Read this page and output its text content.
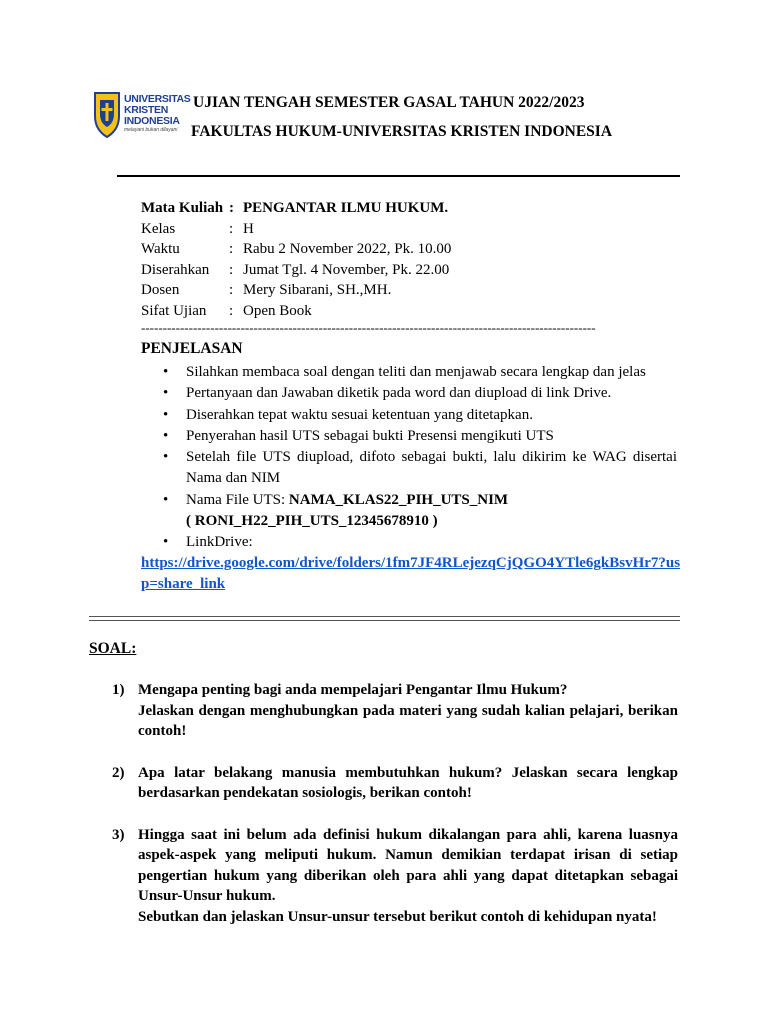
UNIVERSITAS
KRISTEN
INDONESIA
melayani bukan dilayani
UJIAN TENGAH SEMESTER GASAL TAHUN 2022/2023
FAKULTAS HUKUM-UNIVERSITAS KRISTEN INDONESIA
Mata Kuliah : PENGANTAR ILMU HUKUM.
Kelas	: H
Waktu	: Rabu 2 November 2022, Pk. 10.00
Diserahkan : Jumat Tgl. 4 November, Pk. 22.00
Dosen	: Mery Sibarani, SH.,MH.
Sifat Ujian : Open Book
---------------------------------------------------------------------------------------------------------
PENJELASAN
• Silahkan membaca soal dengan teliti dan menjawab secara lengkap dan jelas
• Pertanyaan dan Jawaban diketik pada word dan diupload di link Drive.
• Diserahkan tepat waktu sesuai ketentuan yang ditetapkan.
• Penyerahan hasil UTS sebagai bukti Presensi mengikuti UTS
• Setelah file UTS diupload, difoto sebagai bukti, lalu dikirim ke WAG disertai Nama dan NIM
• Nama File UTS: NAMA_KLAS22_PIH_UTS_NIM
( RONI_H22_PIH_UTS_12345678910 )
• LinkDrive:
https://drive.google.com/drive/folders/1fm7JF4RLejezqCjQGO4YTle6gkBsvHr7?usp=share_link
SOAL:
1) Mengapa penting bagi anda mempelajari Pengantar Ilmu Hukum?

Jelaskan dengan menghubungkan pada materi yang sudah kalian pelajari, berikan contoh!

2) Apa latar belakang manusia membutuhkan hukum? Jelaskan secara lengkap berdasarkan pendekatan sosiologis, berikan contoh!

3) Hingga saat ini belum ada definisi hukum dikalangan para ahli, karena luasnya aspek-aspek yang meliputi hukum. Namun demikian terdapat irisan di setiap pengertian hukum yang diberikan oleh para ahli yang dapat ditetapkan sebagai Unsur-Unsur hukum.

Sebutkan dan jelaskan Unsur-unsur tersebut berikut contoh di kehidupan nyata!
